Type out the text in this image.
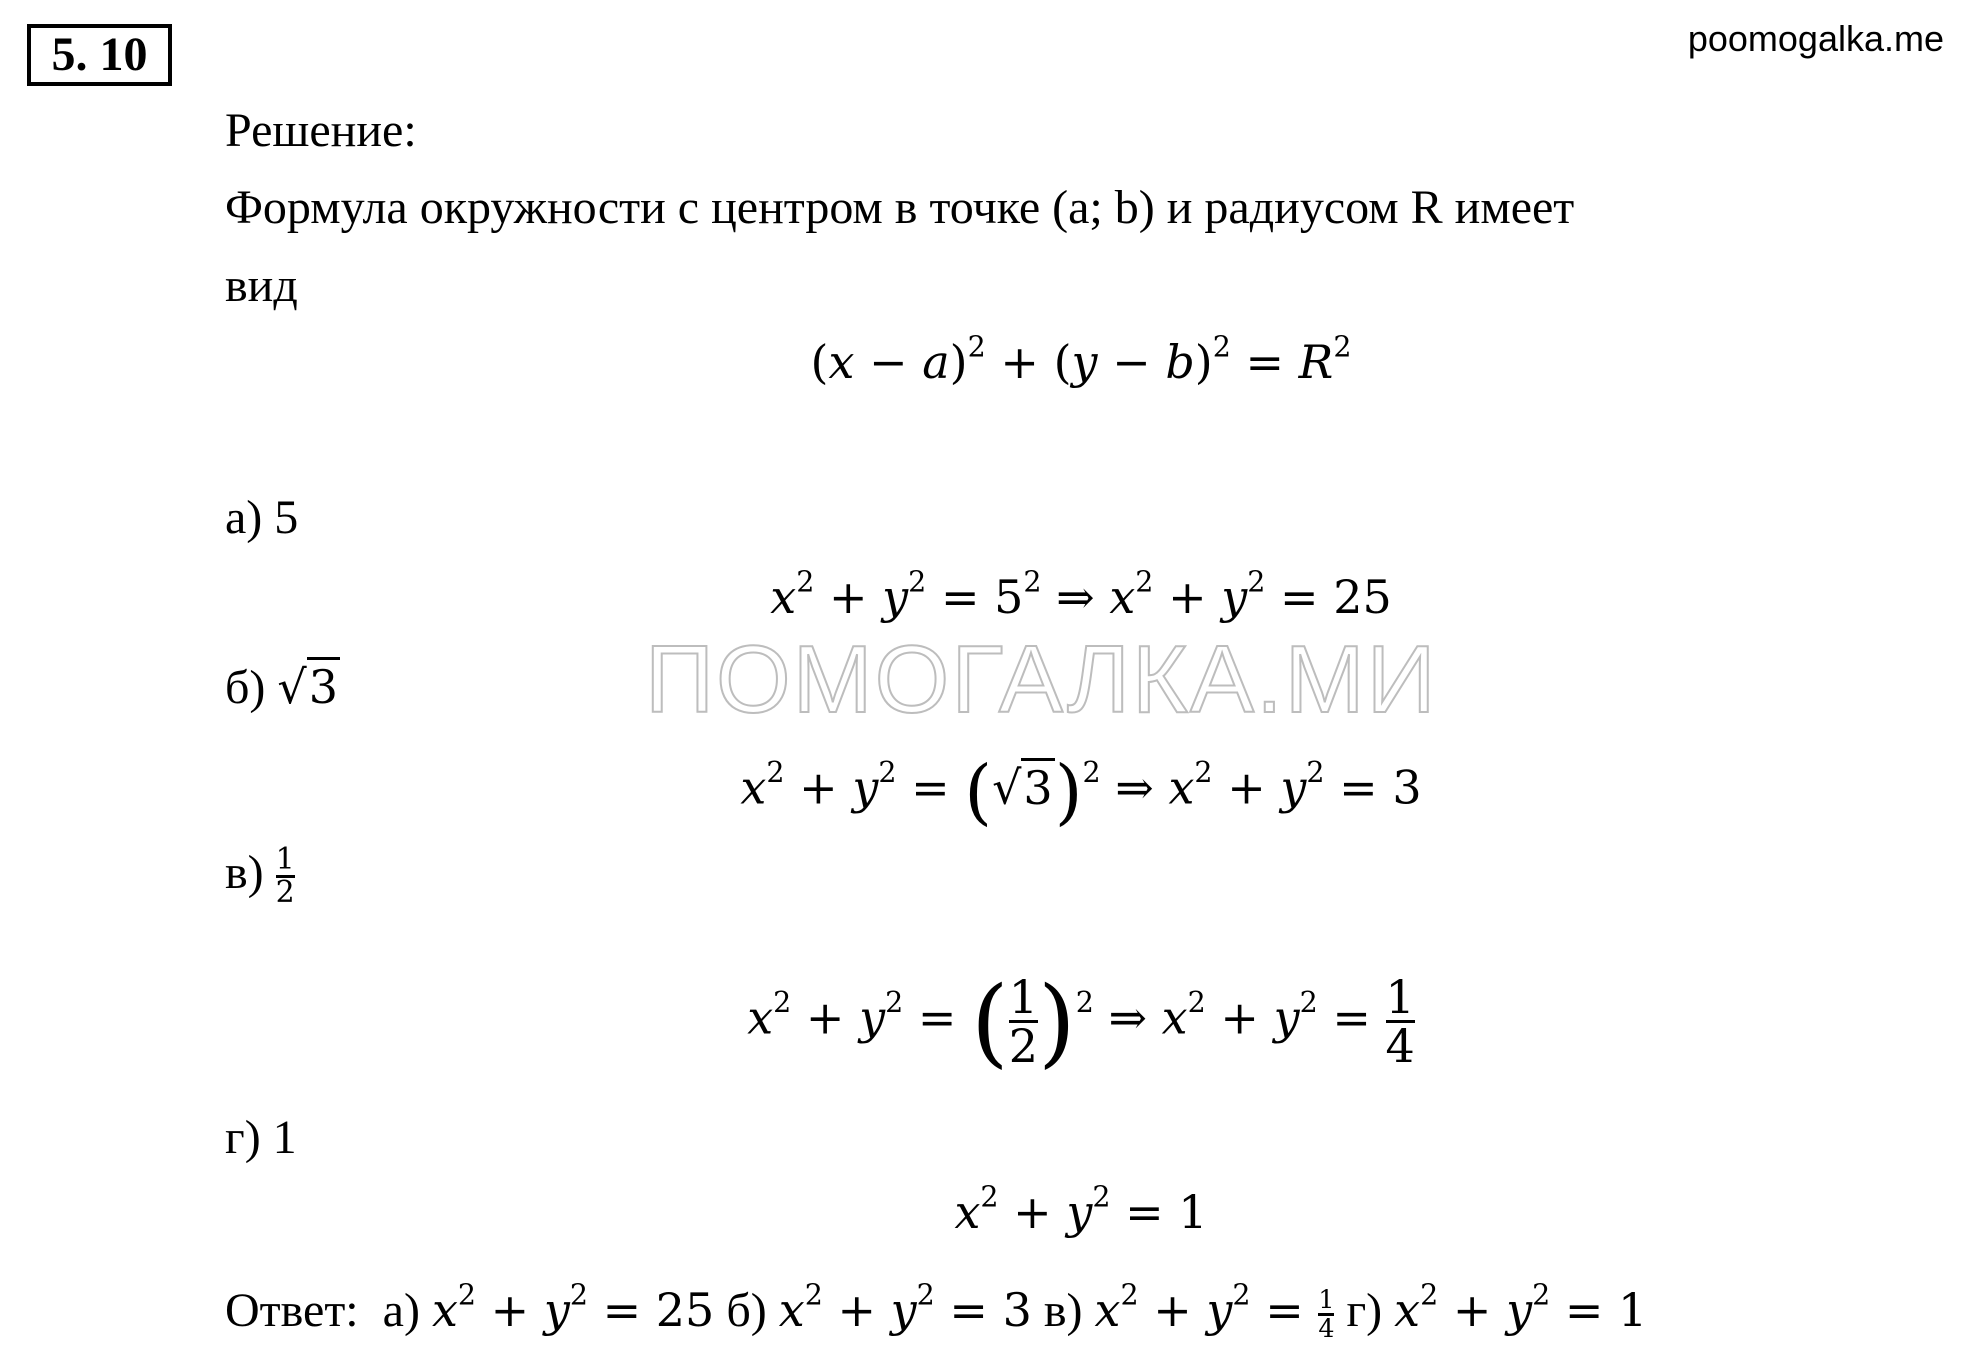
5. 10	poomogalka.me
ПОМОГАЛКА.МИ
Решение:
Формула окружности с центром в точке (a; b) и радиусом R имеет
вид
$(x - a)^2 + (y - b)^2 = R^2$
а) 5
$x^2 + y^2 = 5^2$ ⇒ $x^2 + y^2 = 25$
б) √3
$x^2 + y^2 = (√3)^2$ ⇒ $x^2 + y^2 = 3$
$в) \frac{1}{2}$
$x^2 + y^2$ = ( $\frac{1}{2} )^2$ ⇒ $x^2 + y^2 = \frac{1}{4}$
г) 1
$x^2 + y^2 = 1$
Ответ: а) $x^2 + y^2 = 25$ б) $x^2 + y^2 = 3$ в) $x^2 + y^2 = \frac{1}{4} г$) $x^2 + y^2 = 1$
